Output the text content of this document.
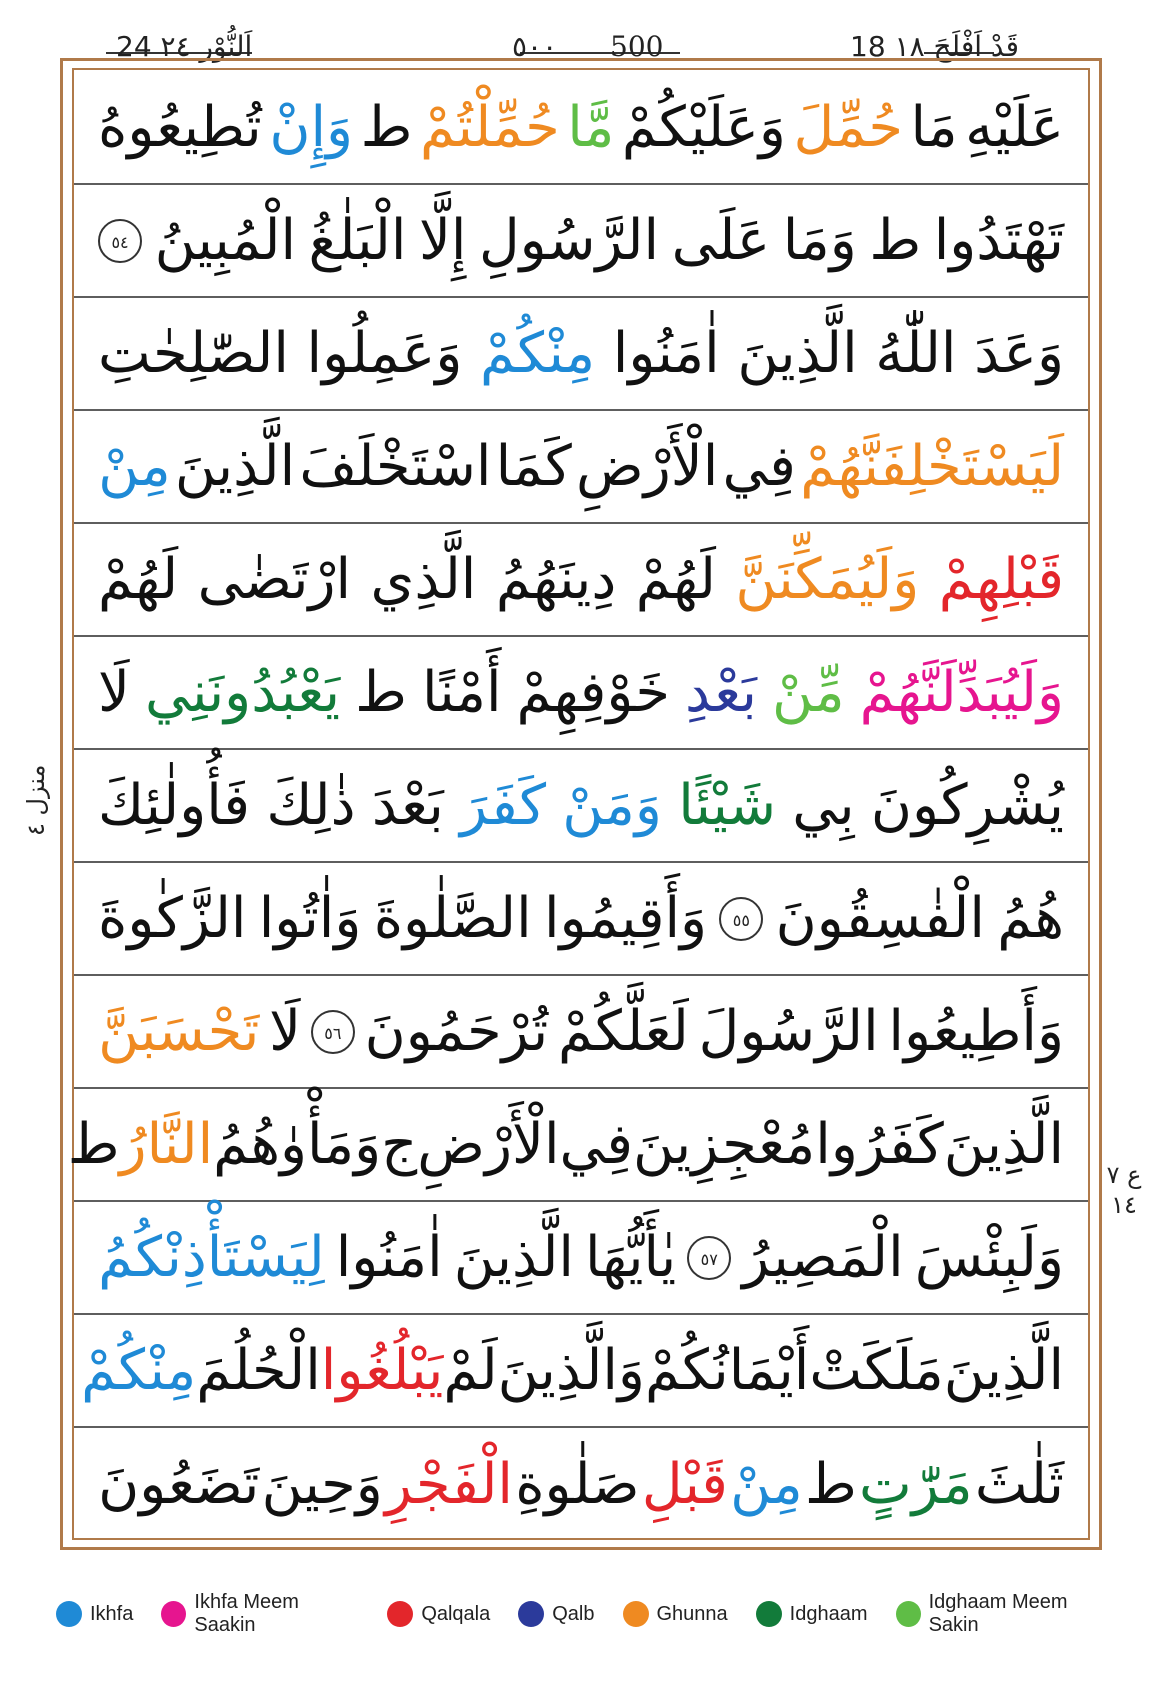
24 اَلنُّوْر ٢٤	٥٠٠ 500	18 قَدْ اَفْلَحَ ١٨
منزل ٤
ع ٧ ١٤
عَلَيْهِ
مَا
حُمِّلَ
وَعَلَيْكُمْ
مَّا
حُمِّلْتُمْ
ط
وَإِنْ
تُطِيعُوهُ
تَهْتَدُوا
ط
وَمَا
عَلَى
الرَّسُولِ
إِلَّا
الْبَلٰغُ
الْمُبِينُ
٥٤
وَعَدَ
اللّٰهُ
الَّذِينَ
اٰمَنُوا
مِنْكُمْ
وَعَمِلُوا
الصّٰلِحٰتِ
لَيَسْتَخْلِفَنَّهُمْ
فِي
الْأَرْضِ
كَمَا
اسْتَخْلَفَ
الَّذِينَ
مِنْ
قَبْلِهِمْ
وَلَيُمَكِّنَنَّ
لَهُمْ
دِينَهُمُ
الَّذِي
ارْتَضٰى
لَهُمْ
وَلَيُبَدِّلَنَّهُمْ
مِّنْ
بَعْدِ
خَوْفِهِمْ
أَمْنًا
ط
يَعْبُدُونَنِي
لَا
يُشْرِكُونَ
بِي
شَيْئًا
وَمَنْ
كَفَرَ
بَعْدَ
ذٰلِكَ
فَأُولٰئِكَ
هُمُ
الْفٰسِقُونَ
٥٥
وَأَقِيمُوا
الصَّلٰوةَ
وَاٰتُوا
الزَّكٰوةَ
وَأَطِيعُوا
الرَّسُولَ
لَعَلَّكُمْ
تُرْحَمُونَ
٥٦
لَا
تَحْسَبَنَّ
الَّذِينَ
كَفَرُوا
مُعْجِزِينَ
فِي
الْأَرْضِ
ج
وَمَأْوٰهُمُ
النَّارُ
ط
وَلَبِئْسَ
الْمَصِيرُ
٥٧
يٰأَيُّهَا
الَّذِينَ
اٰمَنُوا
لِيَسْتَأْذِنْكُمُ
الَّذِينَ
مَلَكَتْ
أَيْمَانُكُمْ
وَالَّذِينَ
لَمْ
يَبْلُغُوا
الْحُلُمَ
مِنْكُمْ
ثَلٰثَ
مَرّٰتٍ
ط
مِنْ
قَبْلِ
صَلٰوةِ
الْفَجْرِ
وَحِينَ
تَضَعُونَ
Ikhfa
Ikhfa Meem Saakin
Qalqala	Qalb	Ghunna	Idghaam
Idghaam Meem Sakin
